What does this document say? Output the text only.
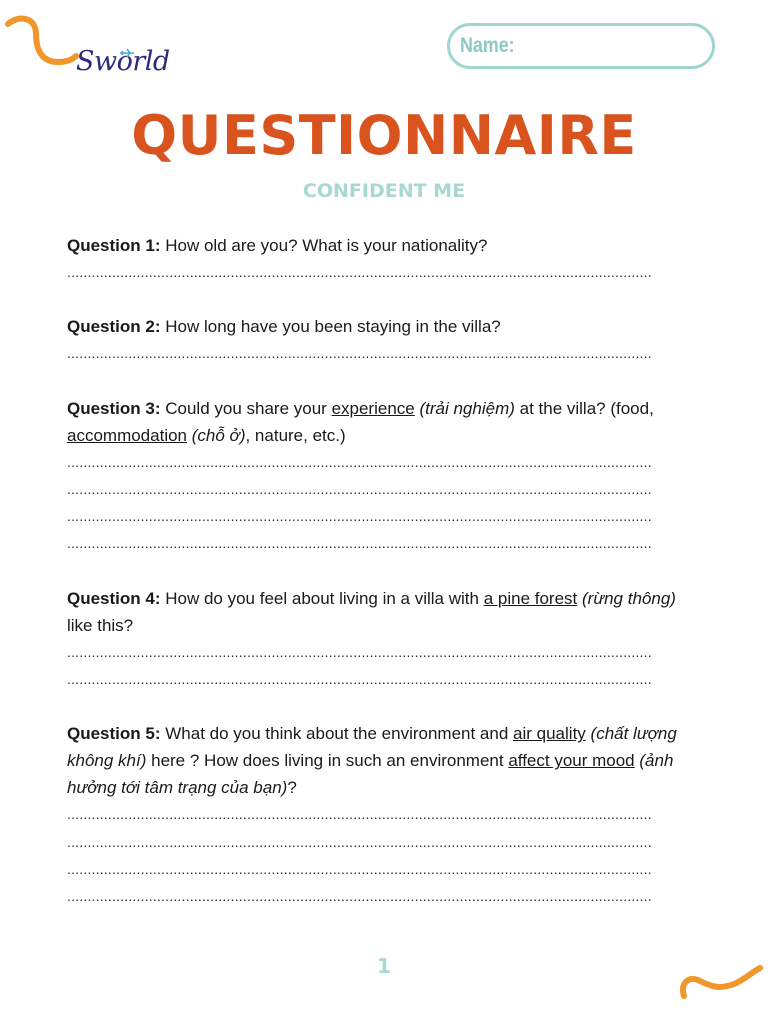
S world
Name:
QUESTIONNAIRE
CONFIDENT ME

Question 1: How old are you? What is your nationality?

...............................................................................................................................................

Question 2: How long have you been staying in the villa?

...............................................................................................................................................

Question 3: Could you share your experience (trải nghiệm) at the villa? (food, accommodation (chỗ ở), nature, etc.)

...............................................................................................................................................
...............................................................................................................................................
...............................................................................................................................................
...............................................................................................................................................

Question 4: How do you feel about living in a villa with a pine forest (rừng thông) like this?

...............................................................................................................................................
...............................................................................................................................................

Question 5: What do you think about the environment and air quality (chất lượng không khí) here ? How does living in such an environment affect your mood (ảnh hưởng tới tâm trạng của bạn)?

...............................................................................................................................................
...............................................................................................................................................
...............................................................................................................................................
...............................................................................................................................................
1
